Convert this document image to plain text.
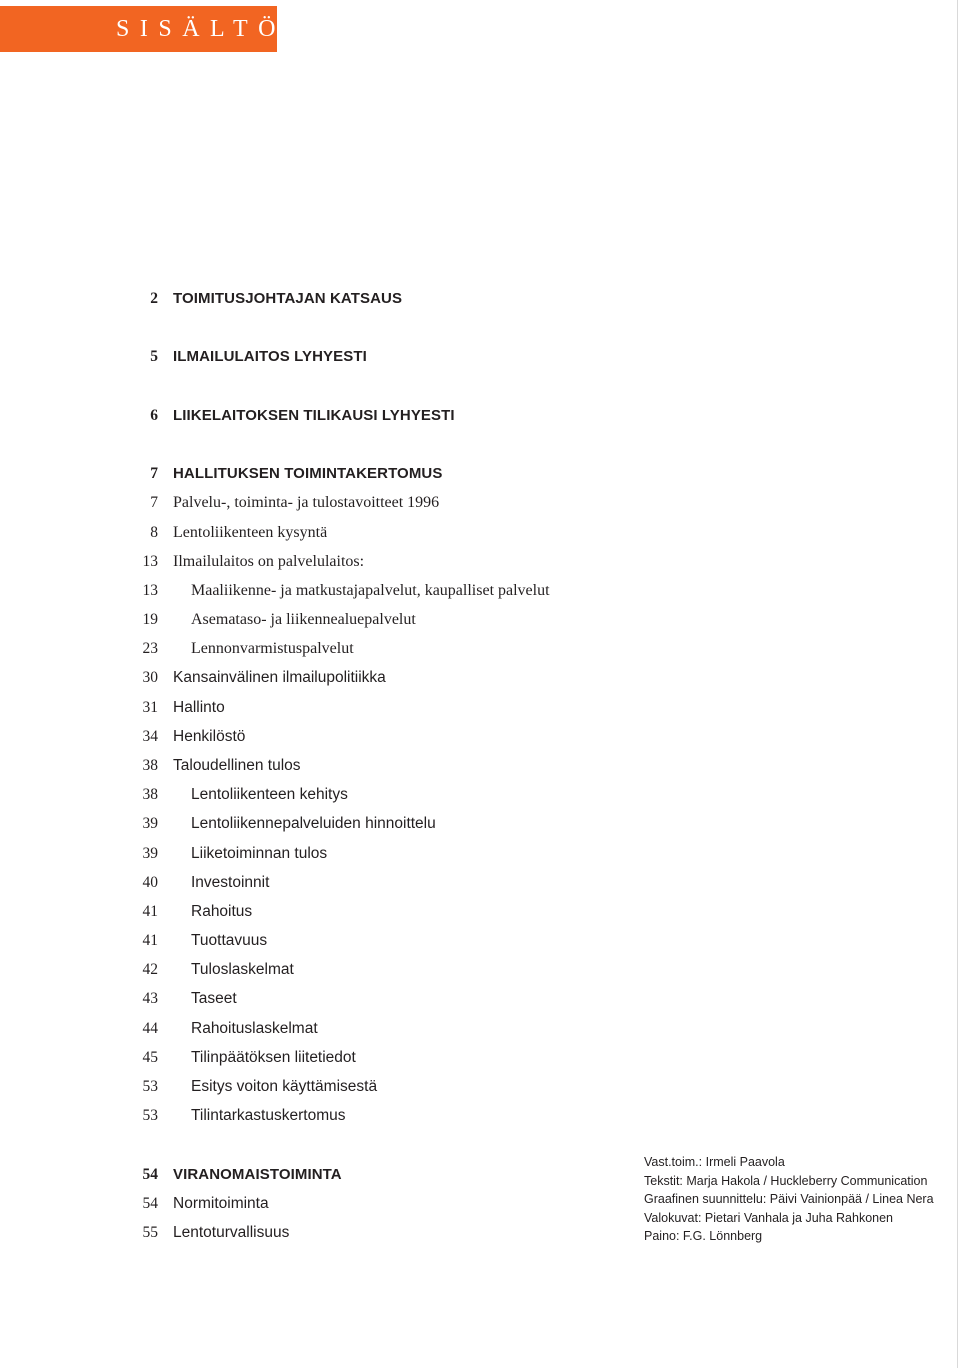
SISÄLTÖ
2 TOIMITUSJOHTAJAN KATSAUS
5 ILMAILULAITOS LYHYESTI
6 LIIKELAITOKSEN TILIKAUSI LYHYESTI
7 HALLITUKSEN TOIMINTAKERTOMUS
7 Palvelu-, toiminta- ja tulostavoitteet 1996
8 Lentoliikenteen kysyntä
13 Ilmailulaitos on palvelulaitos:
13 Maaliikenne- ja matkustajapalvelut, kaupalliset palvelut
19 Asemataso- ja liikennealuepalvelut
23 Lennonvarmistuspalvelut
30 Kansainvälinen ilmailupolitiikka
31 Hallinto
34 Henkilöstö
38 Taloudellinen tulos
38 Lentoliikenteen kehitys
39 Lentoliikennepalveluiden hinnoittelu
39 Liiketoiminnan tulos
40 Investoinnit
41 Rahoitus
41 Tuottavuus
42 Tuloslaskelmat
43 Taseet
44 Rahoituslaskelmat
45 Tilinpäätöksen liitetiedot
53 Esitys voiton käyttämisestä
53 Tilintarkastuskertomus
54 VIRANOMAISTOIMINTA
54 Normitoiminta
55 Lentoturvallisuus
Vast.toim.: Irmeli Paavola
Tekstit: Marja Hakola / Huckleberry Communication
Graafinen suunnittelu: Päivi Vainionpää / Linea Nera
Valokuvat: Pietari Vanhala ja Juha Rahkonen
Paino: F.G. Lönnberg
